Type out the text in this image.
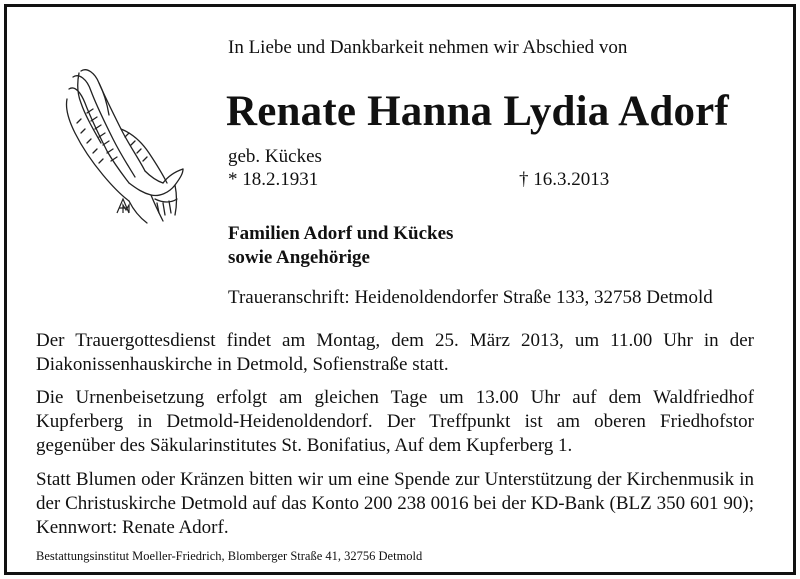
In Liebe und Dankbarkeit nehmen wir Abschied von
Renate Hanna Lydia Adorf
geb. Kückes
* 18.2.1931	† 16.3.2013
Familien Adorf und Kückes
sowie Angehörige
Traueranschrift: Heidenoldendorfer Straße 133, 32758 Detmold
Der Trauergottesdienst findet am Montag, dem 25. März 2013, um 11.00 Uhr in der Diakonissenhauskirche in Detmold, Sofienstraße statt.
Die Urnenbeisetzung erfolgt am gleichen Tage um 13.00 Uhr auf dem Waldfriedhof Kupferberg in Detmold-Heidenoldendorf. Der Treffpunkt ist am oberen Friedhofstor gegenüber des Säkularinstitutes St. Bonifatius, Auf dem Kupferberg 1.
Statt Blumen oder Kränzen bitten wir um eine Spende zur Unterstützung der Kirchenmusik in der Christuskirche Detmold auf das Konto 200 238 0016 bei der KD-Bank (BLZ 350 601 90); Kennwort: Renate Adorf.
Bestattungsinstitut Moeller-Friedrich, Blomberger Straße 41, 32756 Detmold
